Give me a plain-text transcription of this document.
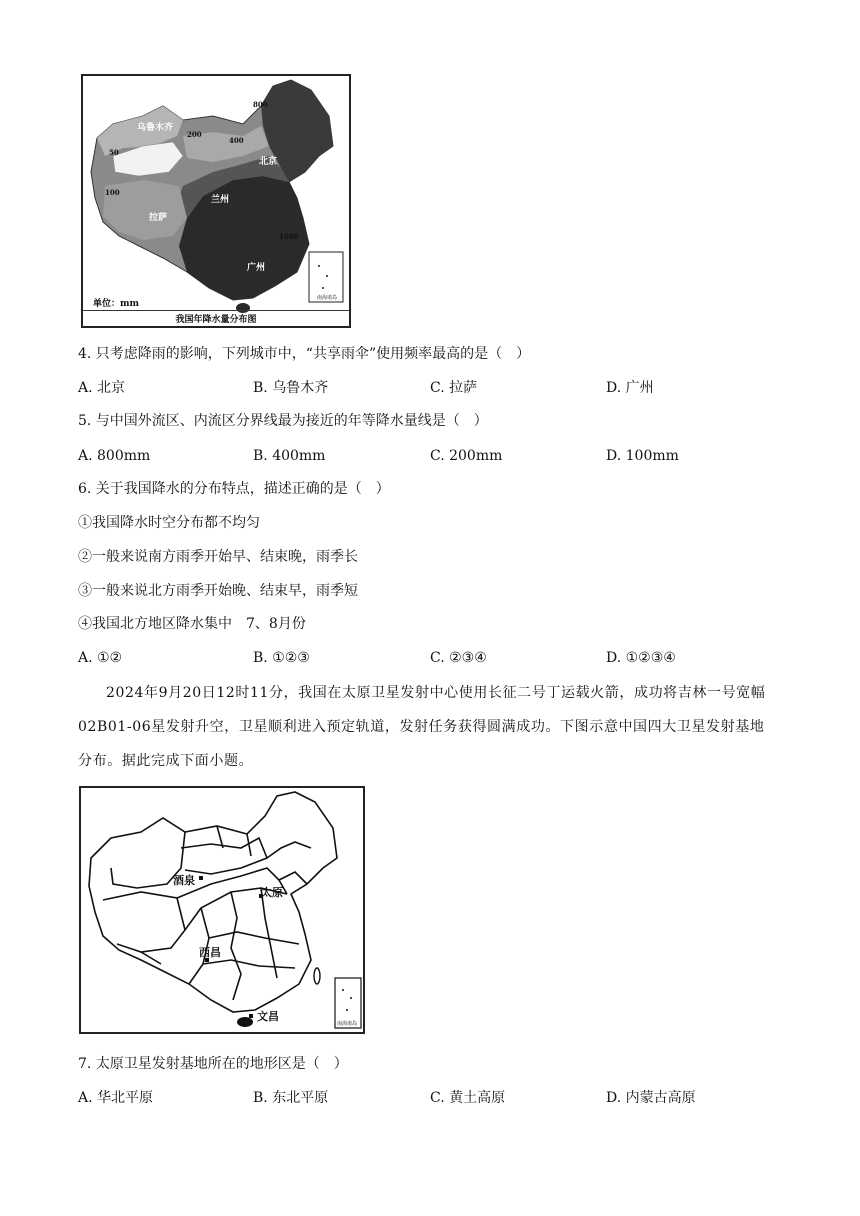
乌鲁木齐
北京
兰州
拉萨
广州
800
400
200
100
50
1600
南海诸岛
单位：mm
我国年降水量分布图
4. 只考虑降雨的影响，下列城市中，“共享雨伞”使用频率最高的是（　）
A. 北京	B. 乌鲁木齐	C. 拉萨	D. 广州
5. 与中国外流区、内流区分界线最为接近的年等降水量线是（　）
A. 800mm	B. 400mm	C. 200mm	D. 100mm
6. 关于我国降水的分布特点，描述正确的是（　）
①我国降水时空分布都不均匀
②一般来说南方雨季开始早、结束晚，雨季长
③一般来说北方雨季开始晚、结束早，雨季短
④我国北方地区降水集中　7、8月份
A. ①②	B. ①②③	C. ②③④	D. ①②③④
2024年9月20日12时11分，我国在太原卫星发射中心使用长征二号丁运载火箭，成功将吉林一号宽幅02B01-06星发射升空，卫星顺利进入预定轨道，发射任务获得圆满成功。下图示意中国四大卫星发射基地分布。据此完成下面小题。
酒泉
太原
西昌
文昌
南海诸岛
7. 太原卫星发射基地所在的地形区是（　）
A. 华北平原	B. 东北平原	C. 黄土高原	D. 内蒙古高原
